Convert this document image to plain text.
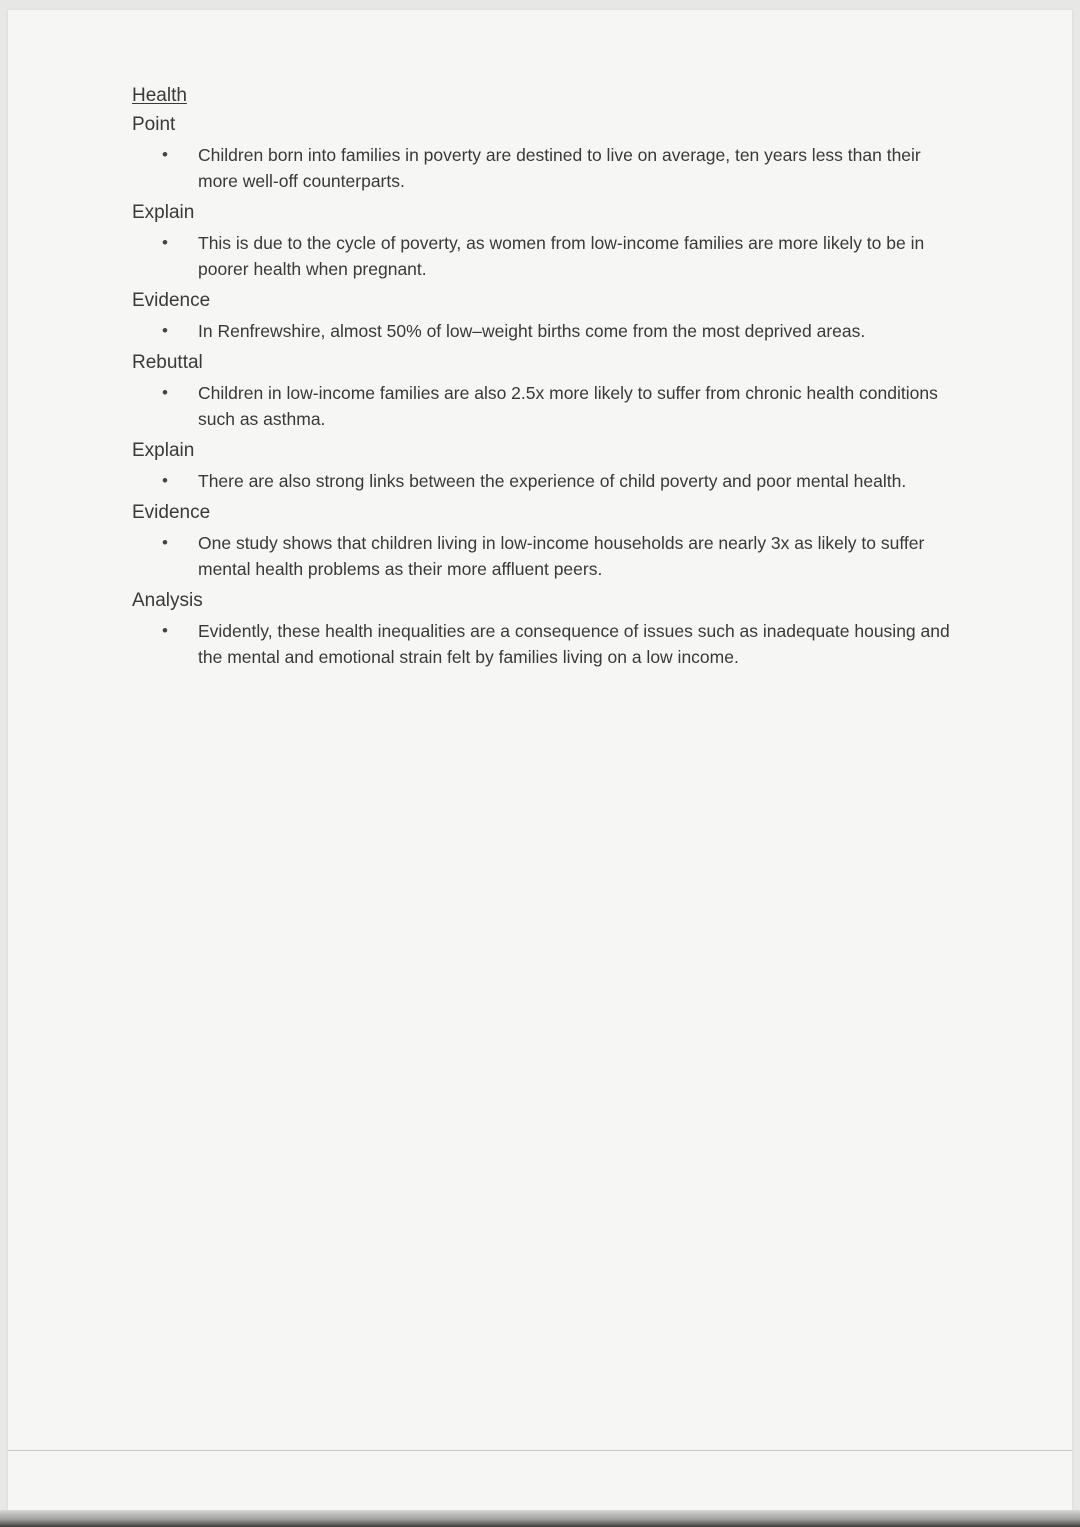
Health
Point
• Children born into families in poverty are destined to live on average, ten years less than their more well-off counterparts.
Explain
• This is due to the cycle of poverty, as women from low-income families are more likely to be in poorer health when pregnant.
Evidence
• In Renfrewshire, almost 50% of low–weight births come from the most deprived areas.
Rebuttal
• Children in low-income families are also 2.5x more likely to suffer from chronic health conditions such as asthma.
Explain
• There are also strong links between the experience of child poverty and poor mental health.
Evidence
• One study shows that children living in low-income households are nearly 3x as likely to suffer mental health problems as their more affluent peers.
Analysis
• Evidently, these health inequalities are a consequence of issues such as inadequate housing and the mental and emotional strain felt by families living on a low income.
